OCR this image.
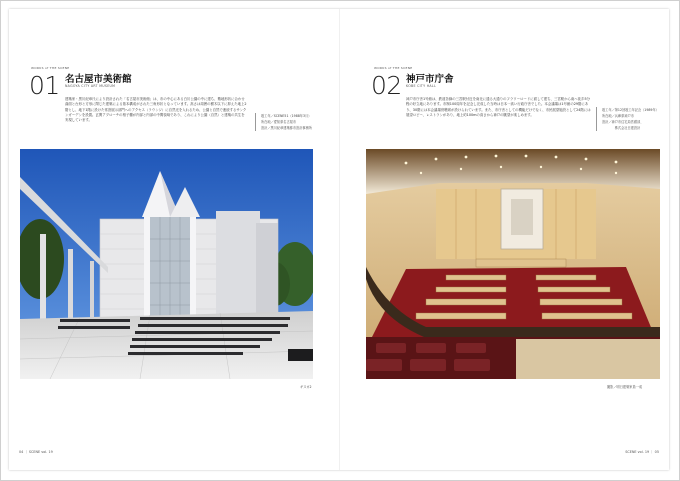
WORKS of THE SCENE
01 名古屋市美術館
NAGOYA CITY ART MUSEUM
建築家・黒川紀章氏により設計された「名古屋市美術館」は、市の中心にある白川公園の中に建ち、敷地形状に合わせ曲面と台形と方形に閉じた建築による基本構成がされた三角形状となっています。高さは周囲の樹木以下に抑えた地上2階とし、地下1階に設けた常設展示部門へのアクセス（ラウンジ）に自然光を入れるため、公園と自然で連続するサンクンガーデンを設置。玄関アプローチの格子棚が内部と内部の中間領域であり、これにより公園（自然）と建築の共生を実現しています。
竣工年／SCENE51（1988年3月）
所在地／愛知県名古屋市
設計／黒川紀章建築都市設計事務所
ギヌカ2
04 ｜ SCENE vol. 19
WORKS of THE SCENE
02 神戸市庁舎
KOBE CITY HALL
神戸市庁舎1号館は、鉄道各線の三宮駅付近を南北に通る大通りのフラワーロードに面して建ち、三宮駅から南へ徒歩5分程の好立地にあります。市制100周年を記念し完成した当時は日本一高い行政庁舎でした。本会議場は1号館の29階にあり、30階には本会議場傍聴席が設けられています。また、市庁舎としての機能だけでなく、市民展望施設として24階には展望ロビー、レストランがあり、地上約100mの高さから神戸の眺望が楽しめます。
竣工年／第12回竣工年記念（1989年）
所在地／兵庫県神戸市
設計／神戸市住宅局営繕部、
　　　　株式会社日建設計
撮影／明日建築家員一成
SCENE vol. 19 ｜ 05
